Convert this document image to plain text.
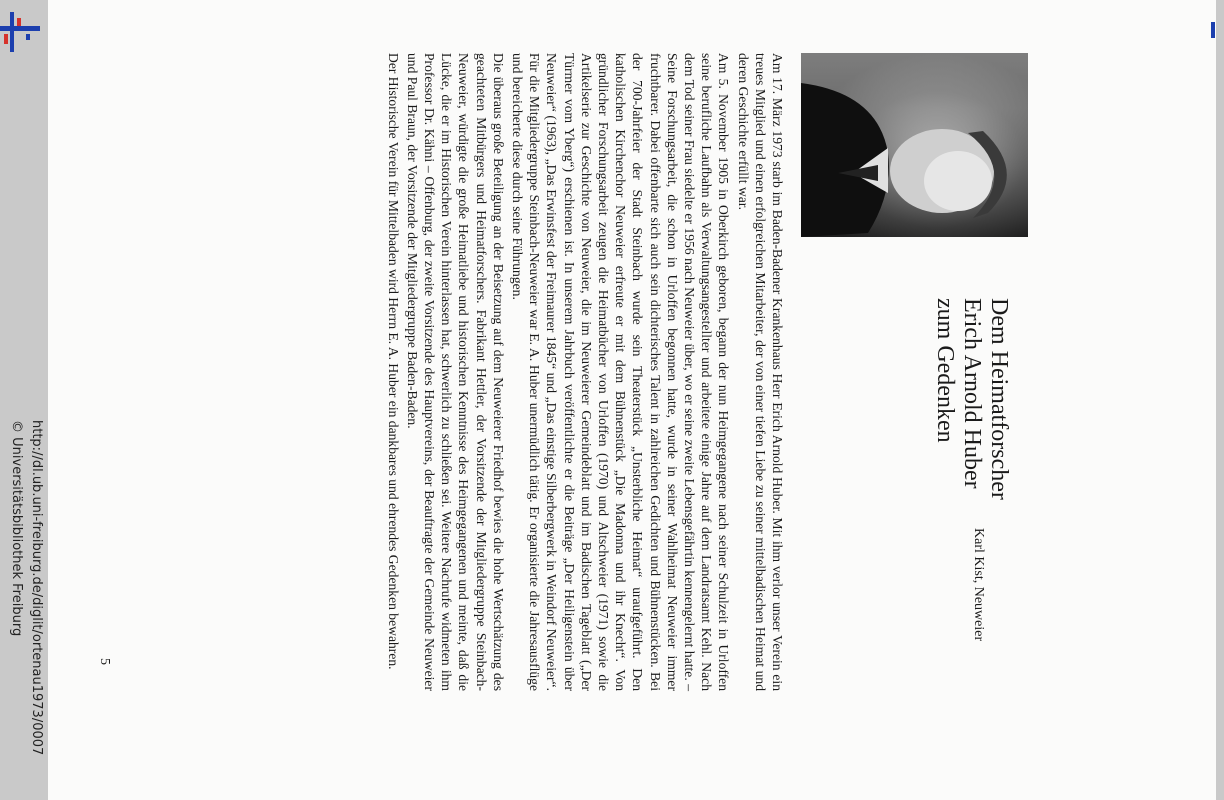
Dem Heimatforscher
Erich Arnold Huber
zum Gedenken

Am 17. März 1973 starb im Baden-Badener Krankenhaus Herr Erich Arnold Huber. Mit ihm verlor unser Verein ein treues Mitglied und einen erfolgreichen Mitarbeiter, der von einer tiefen Liebe zu seiner mittelbadischen Heimat und deren Geschichte erfüllt war.

Am 5. November 1905 in Oberkirch geboren, begann der nun Heimgegangene nach seiner Schulzeit in Urloffen seine berufliche Laufbahn als Verwaltungsangestellter und arbeitete einige Jahre auf dem Landratsamt Kehl. Nach dem Tod seiner Frau siedelte er 1956 nach Neuweier über, wo er seine zweite Lebensgefährtin kennengelernt hatte. – Seine Forschungsarbeit, die schon in Urloffen begonnen hatte, wurde in seiner Wahlheimat Neuweier immer fruchtbarer. Dabei offenbarte sich auch sein dichterisches Talent in zahlreichen Gedichten und Bühnenstücken. Bei der 700-Jahrfeier der Stadt Steinbach wurde sein Theaterstück „Unsterbliche Heimat“ uraufgeführt. Den katholischen Kirchenchor Neuweier erfreute er mit dem Bühnenstück „Die Madonna und ihr Knecht“. Von gründlicher Forschungsarbeit zeugen die Heimatbücher von Urloffen (1970) und Altschweier (1971) sowie die Artikelserie zur Geschichte von Neuweier, die im Neuweierer Gemeindeblatt und im Badischen Tageblatt („Der Türmer vom Yberg“) erschienen ist. In unserem Jahrbuch veröffentlichte er die Beiträge „Der Heiligenstein über Neuweier“ (1963), „Das Erwinsfest der Freimaurer 1845“ und „Das einstige Silberbergwerk in Weindorf Neuweier“. Für die Mitgliedergruppe Steinbach-Neuweier war E. A. Huber unermüdlich tätig. Er organisierte die Jahresausflüge und bereicherte diese durch seine Führungen.

Die überaus große Beteiligung an der Beisetzung auf dem Neuweierer Friedhof bewies die hohe Wertschätzung des geachteten Mitbürgers und Heimatforschers. Fabrikant Hettler, der Vorsitzende der Mitgliedergruppe Steinbach-Neuweier, würdigte die große Heimatliebe und historischen Kenntnisse des Heimgegangenen und meinte, daß die Lücke, die er im Historischen Verein hinterlassen hat, schwerlich zu schließen sei. Weitere Nachrufe widmeten ihm Professor Dr. Kähni – Offenburg, der zweite Vorsitzende des Hauptvereins, der Beauftragte der Gemeinde Neuweier und Paul Braun, der Vorsitzende der Mitgliedergruppe Baden-Baden.

Der Historische Verein für Mittelbaden wird Herrn E. A. Huber ein dankbares und ehrendes Gedenken bewahren.

5
Karl Kist, Neuweier
http://dl.ub.uni-freiburg.de/diglit/ortenau1973/0007
© Universitätsbibliothek Freiburg
